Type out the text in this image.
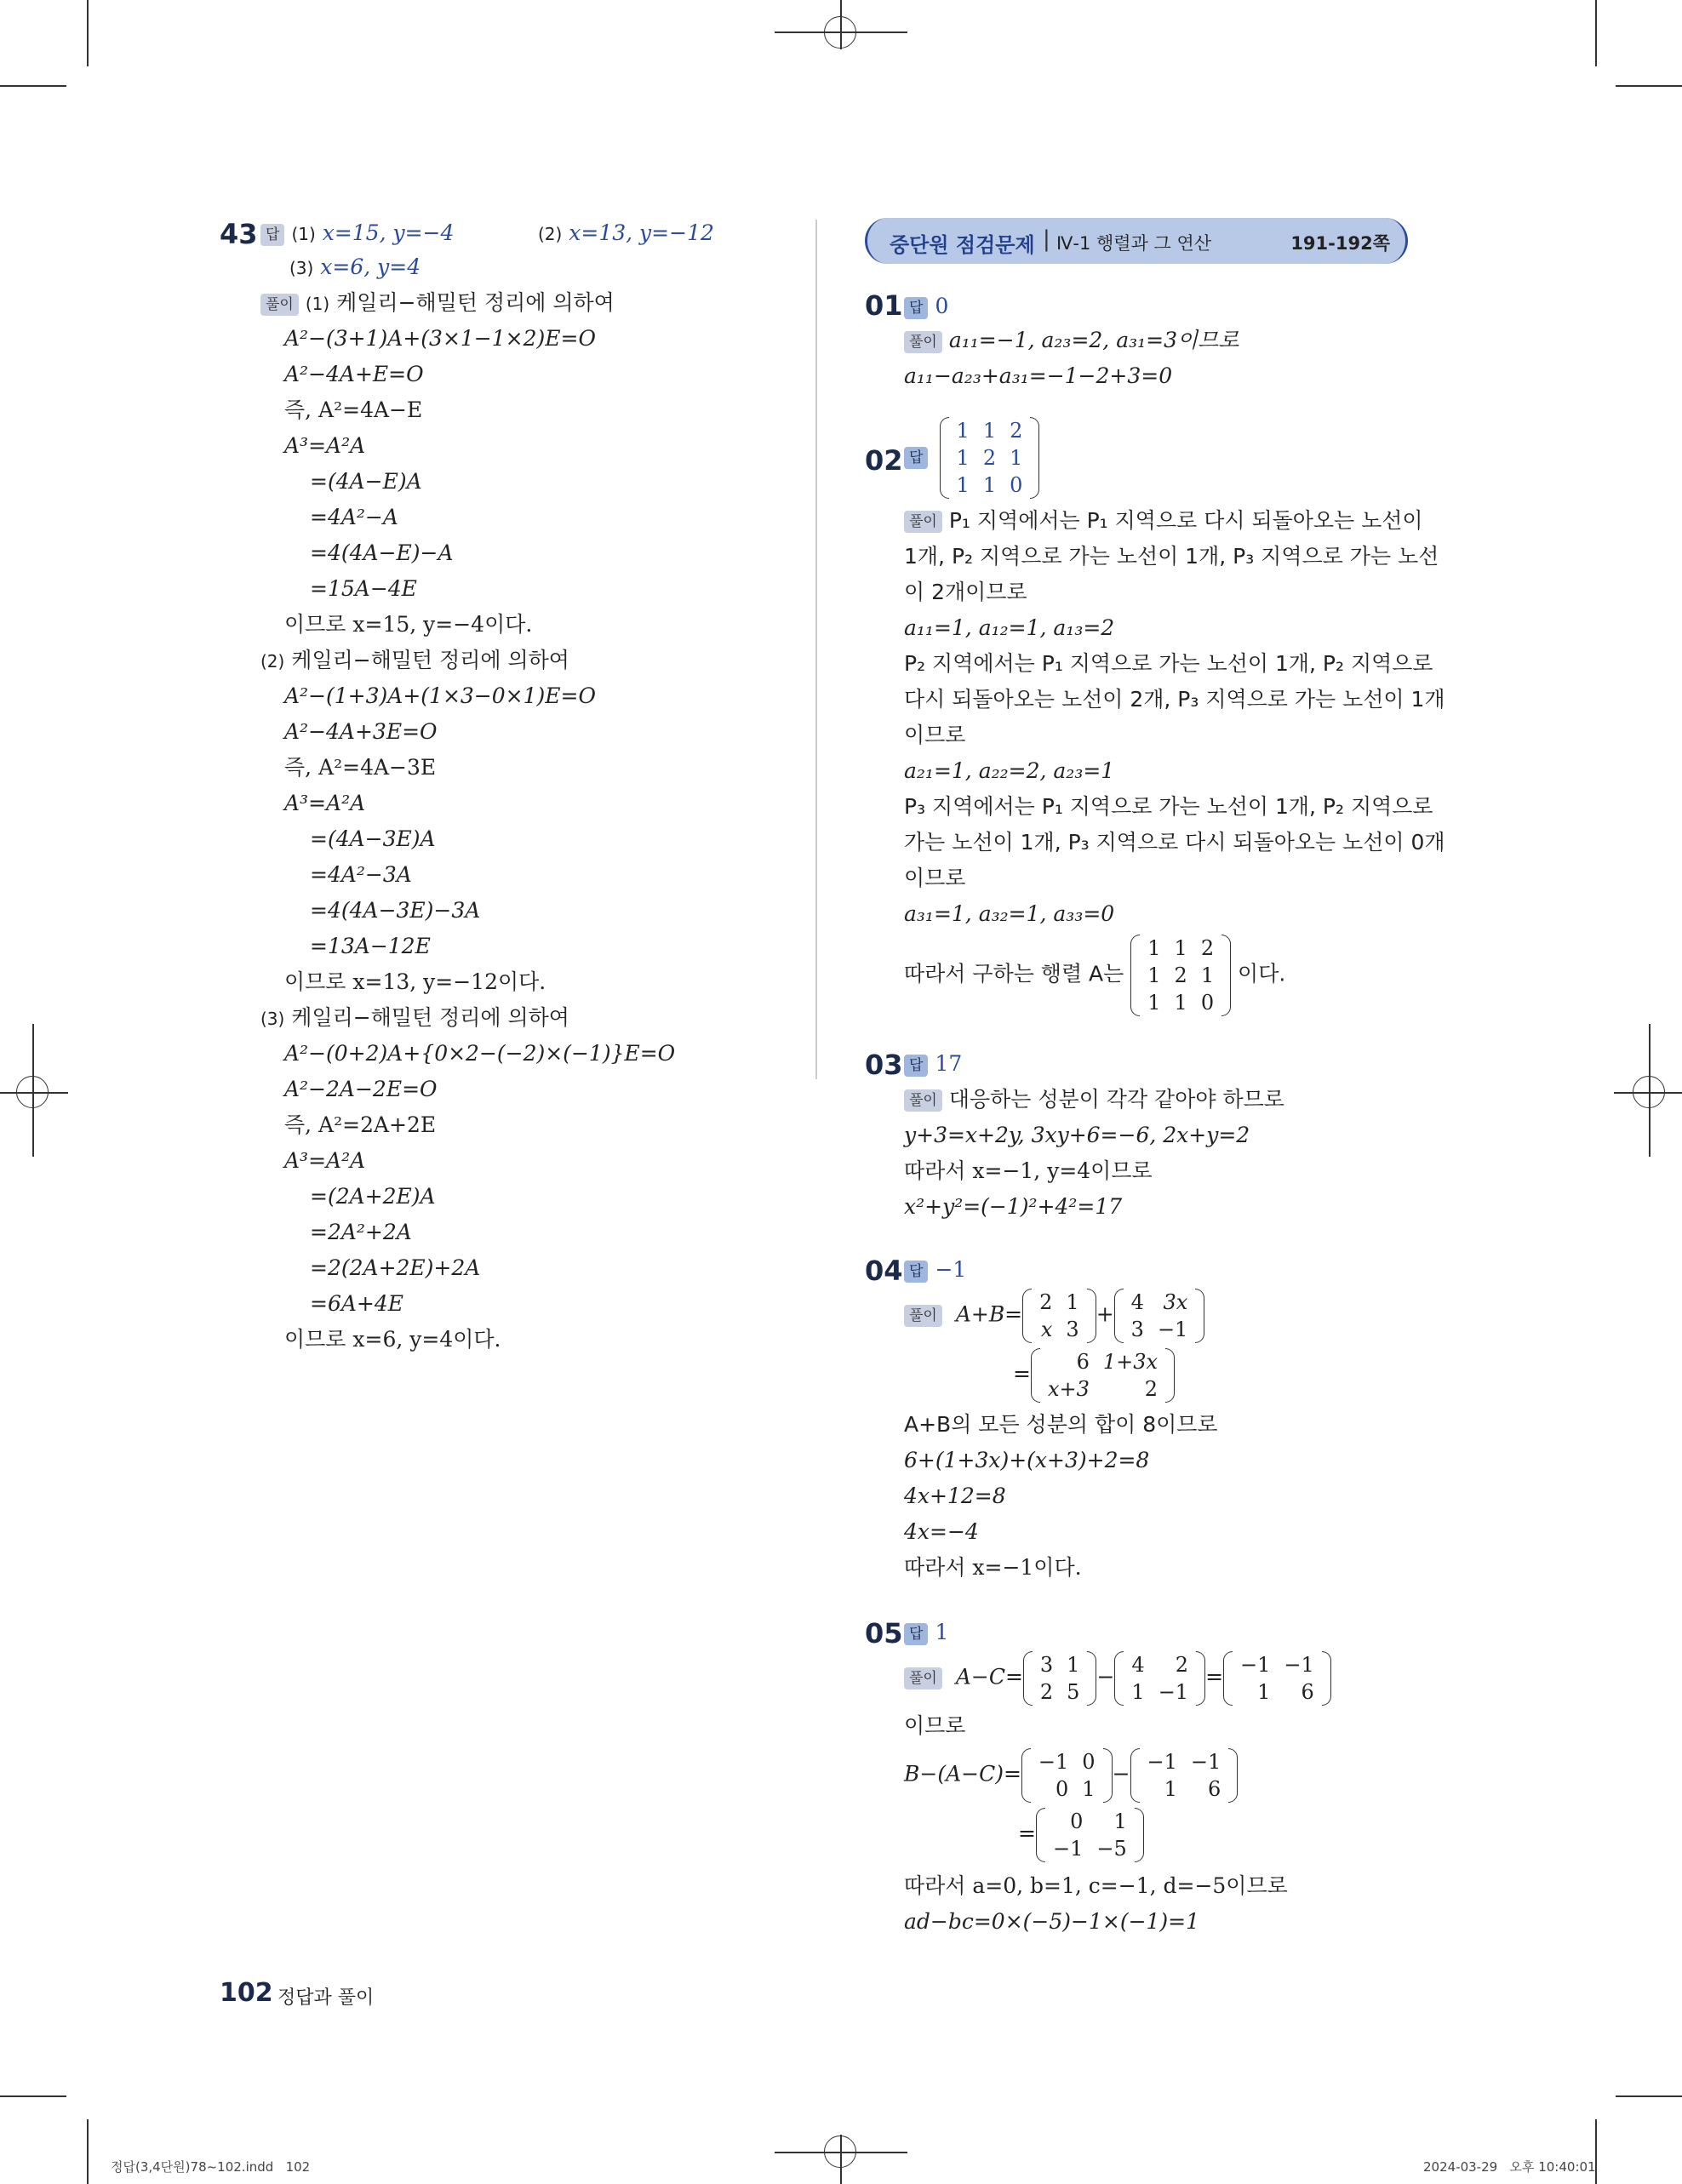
43 답 (1) x=15, y=−4	(2) x=13, y=−12
(3) x=6, y=4
풀이 (1) 케일리−해밀턴 정리에 의하여
A²−(3+1)A+(3×1−1×2)E=O
A²−4A+E=O
즉, A²=4A−E
A³=A²A
=(4A−E)A
=4A²−A
=4(4A−E)−A
=15A−4E
이므로 x=15, y=−4이다.
(2) 케일리−해밀턴 정리에 의하여
A²−(1+3)A+(1×3−0×1)E=O
A²−4A+3E=O
즉, A²=4A−3E
A³=A²A
=(4A−3E)A
=4A²−3A
=4(4A−3E)−3A
=13A−12E
이므로 x=13, y=−12이다.
(3) 케일리−해밀턴 정리에 의하여
A²−(0+2)A+{0×2−(−2)×(−1)}E=O
A²−2A−2E=O
즉, A²=2A+2E
A³=A²A
=(2A+2E)A
=2A²+2A
=2(2A+2E)+2A
=6A+4E
이므로 x=6, y=4이다.
중단원 점검문제 | Ⅳ-1 행렬과 그 연산	191-192쪽
01 답 0
풀이 a₁₁=−1, a₂₃=2, a₃₁=3이므로
a₁₁−a₂₃+a₃₁=−1−2+3=0
02 답
1	1	2
1	2	1
1	1	0
풀이 P₁ 지역에서는 P₁ 지역으로 다시 되돌아오는 노선이
1개, P₂ 지역으로 가는 노선이 1개, P₃ 지역으로 가는 노선
이 2개이므로
a₁₁=1, a₁₂=1, a₁₃=2
P₂ 지역에서는 P₁ 지역으로 가는 노선이 1개, P₂ 지역으로
다시 되돌아오는 노선이 2개, P₃ 지역으로 가는 노선이 1개
이므로
a₂₁=1, a₂₂=2, a₂₃=1
P₃ 지역에서는 P₁ 지역으로 가는 노선이 1개, P₂ 지역으로
가는 노선이 1개, P₃ 지역으로 다시 되돌아오는 노선이 0개
이므로
a₃₁=1, a₃₂=1, a₃₃=0
따라서 구하는 행렬 A는
1	1	2
1	2	1
1	1	0
이다.
03 답 17
풀이 대응하는 성분이 각각 같아야 하므로
y+3=x+2y, 3xy+6=−6, 2x+y=2
따라서 x=−1, y=4이므로
x²+y²=(−1)²+4²=17
04 답 −1
풀이 A+B= 2	1
x	3
+ 4	3x
3	−1
= 6	1+3x
x+3	2
A+B의 모든 성분의 합이 8이므로
6+(1+3x)+(x+3)+2=8
4x+12=8
4x=−4
따라서 x=−1이다.
05 답 1
풀이 A−C= 3	1
2	5
− 4	2
1	−1
= −1	−1
1	6
이므로
B−(A−C)= −1	0
0	1
− −1	−1
1	6
= 0	1
−1	−5
따라서 a=0, b=1, c=−1, d=−5이므로
ad−bc=0×(−5)−1×(−1)=1
102 정답과 풀이
정답(3,4단원)78~102.indd   102	2024-03-29   오후 10:40:01
